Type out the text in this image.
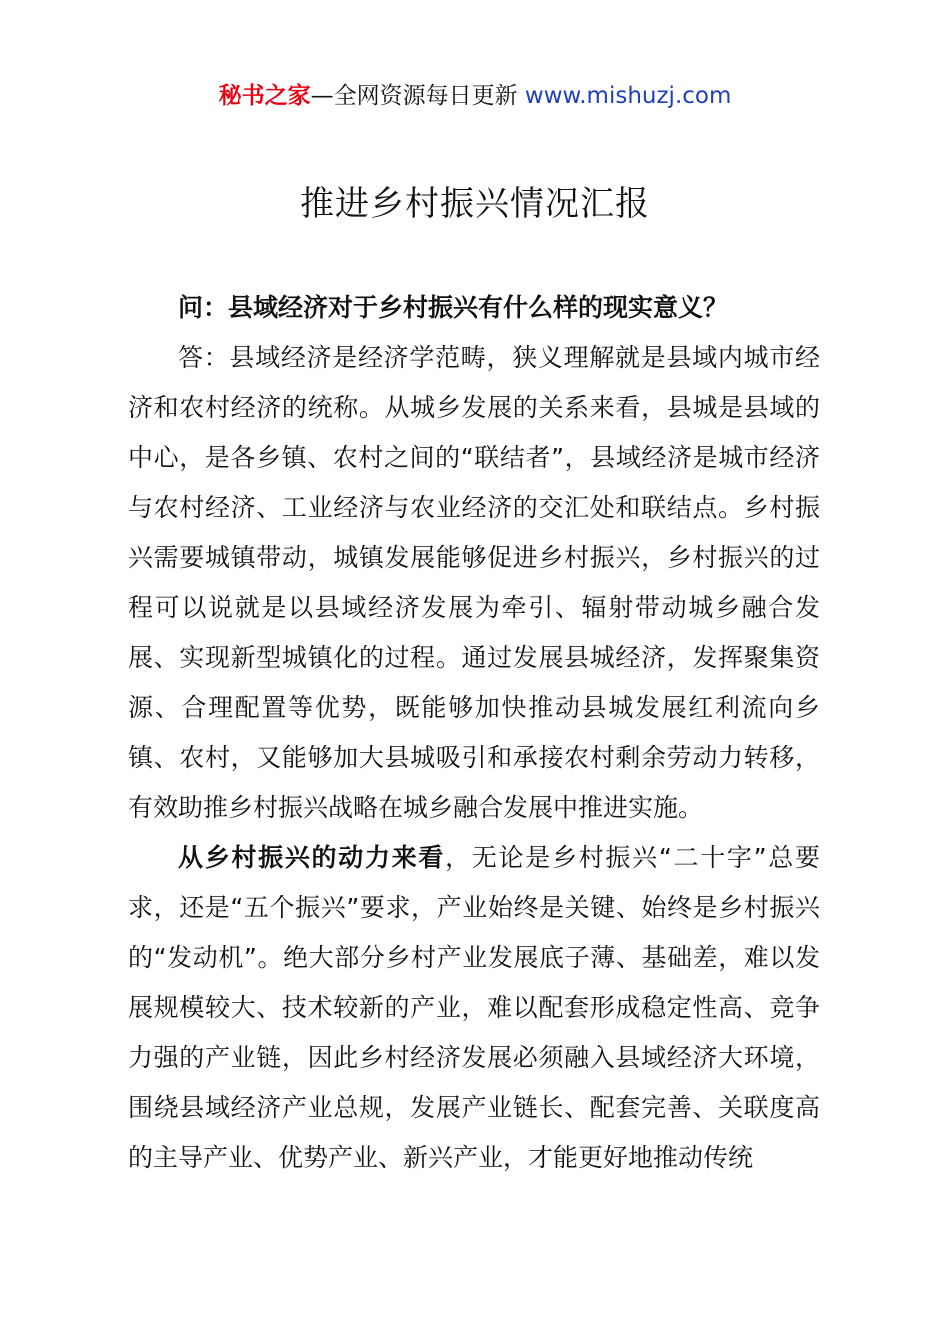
秘书之家—全网资源每日更新 www.mishuzj.com
推进乡村振兴情况汇报

问：县域经济对于乡村振兴有什么样的现实意义？

答：县域经济是经济学范畴，狭义理解就是县域内城市经济和农村经济的统称。从城乡发展的关系来看，县城是县域的中心，是各乡镇、农村之间的“联结者”，县域经济是城市经济与农村经济、工业经济与农业经济的交汇处和联结点。乡村振兴需要城镇带动，城镇发展能够促进乡村振兴，乡村振兴的过程可以说就是以县域经济发展为牵引、辐射带动城乡融合发展、实现新型城镇化的过程。通过发展县城经济，发挥聚集资源、合理配置等优势，既能够加快推动县城发展红利流向乡镇、农村，又能够加大县城吸引和承接农村剩余劳动力转移，有效助推乡村振兴战略在城乡融合发展中推进实施。

从乡村振兴的动力来看，无论是乡村振兴“二十字”总要求，还是“五个振兴”要求，产业始终是关键、始终是乡村振兴的“发动机”。绝大部分乡村产业发展底子薄、基础差，难以发展规模较大、技术较新的产业，难以配套形成稳定性高、竞争力强的产业链，因此乡村经济发展必须融入县域经济大环境，围绕县域经济产业总规，发展产业链长、配套完善、关联度高的主导产业、优势产业、新兴产业，才能更好地推动传统
